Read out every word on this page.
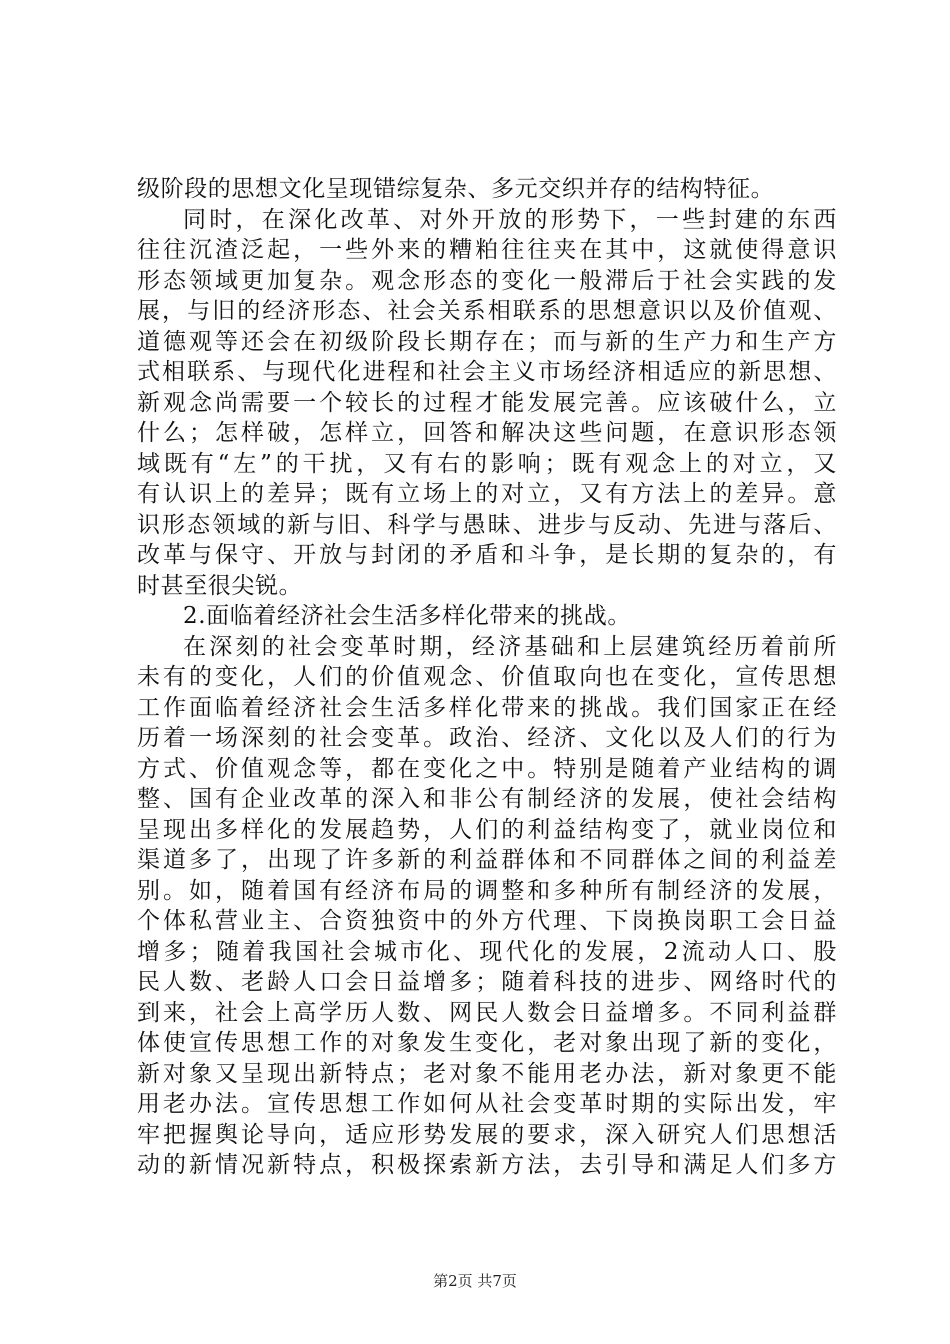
级阶段的思想文化呈现错综复杂、多元交织并存的结构特征。
同时，在深化改革、对外开放的形势下，一些封建的东西
往往沉渣泛起，一些外来的糟粕往往夹在其中，这就使得意识
形态领域更加复杂。观念形态的变化一般滞后于社会实践的发
展，与旧的经济形态、社会关系相联系的思想意识以及价值观、
道德观等还会在初级阶段长期存在；而与新的生产力和生产方
式相联系、与现代化进程和社会主义市场经济相适应的新思想、
新观念尚需要一个较长的过程才能发展完善。应该破什么，立
什么；怎样破，怎样立，回答和解决这些问题，在意识形态领
域既有“左”的干扰，又有右的影响；既有观念上的对立，又
有认识上的差异；既有立场上的对立，又有方法上的差异。意
识形态领域的新与旧、科学与愚昧、进步与反动、先进与落后、
改革与保守、开放与封闭的矛盾和斗争，是长期的复杂的，有
时甚至很尖锐。
2.面临着经济社会生活多样化带来的挑战。
在深刻的社会变革时期，经济基础和上层建筑经历着前所
未有的变化，人们的价值观念、价值取向也在变化，宣传思想
工作面临着经济社会生活多样化带来的挑战。我们国家正在经
历着一场深刻的社会变革。政治、经济、文化以及人们的行为
方式、价值观念等，都在变化之中。特别是随着产业结构的调
整、国有企业改革的深入和非公有制经济的发展，使社会结构
呈现出多样化的发展趋势，人们的利益结构变了，就业岗位和
渠道多了，出现了许多新的利益群体和不同群体之间的利益差
别。如，随着国有经济布局的调整和多种所有制经济的发展，
个体私营业主、合资独资中的外方代理、下岗换岗职工会日益
增多；随着我国社会城市化、现代化的发展，2流动人口、股
民人数、老龄人口会日益增多；随着科技的进步、网络时代的
到来，社会上高学历人数、网民人数会日益增多。不同利益群
体使宣传思想工作的对象发生变化，老对象出现了新的变化，
新对象又呈现出新特点；老对象不能用老办法，新对象更不能
用老办法。宣传思想工作如何从社会变革时期的实际出发，牢
牢把握舆论导向，适应形势发展的要求，深入研究人们思想活
动的新情况新特点，积极探索新方法，去引导和满足人们多方
第2页 共7页
